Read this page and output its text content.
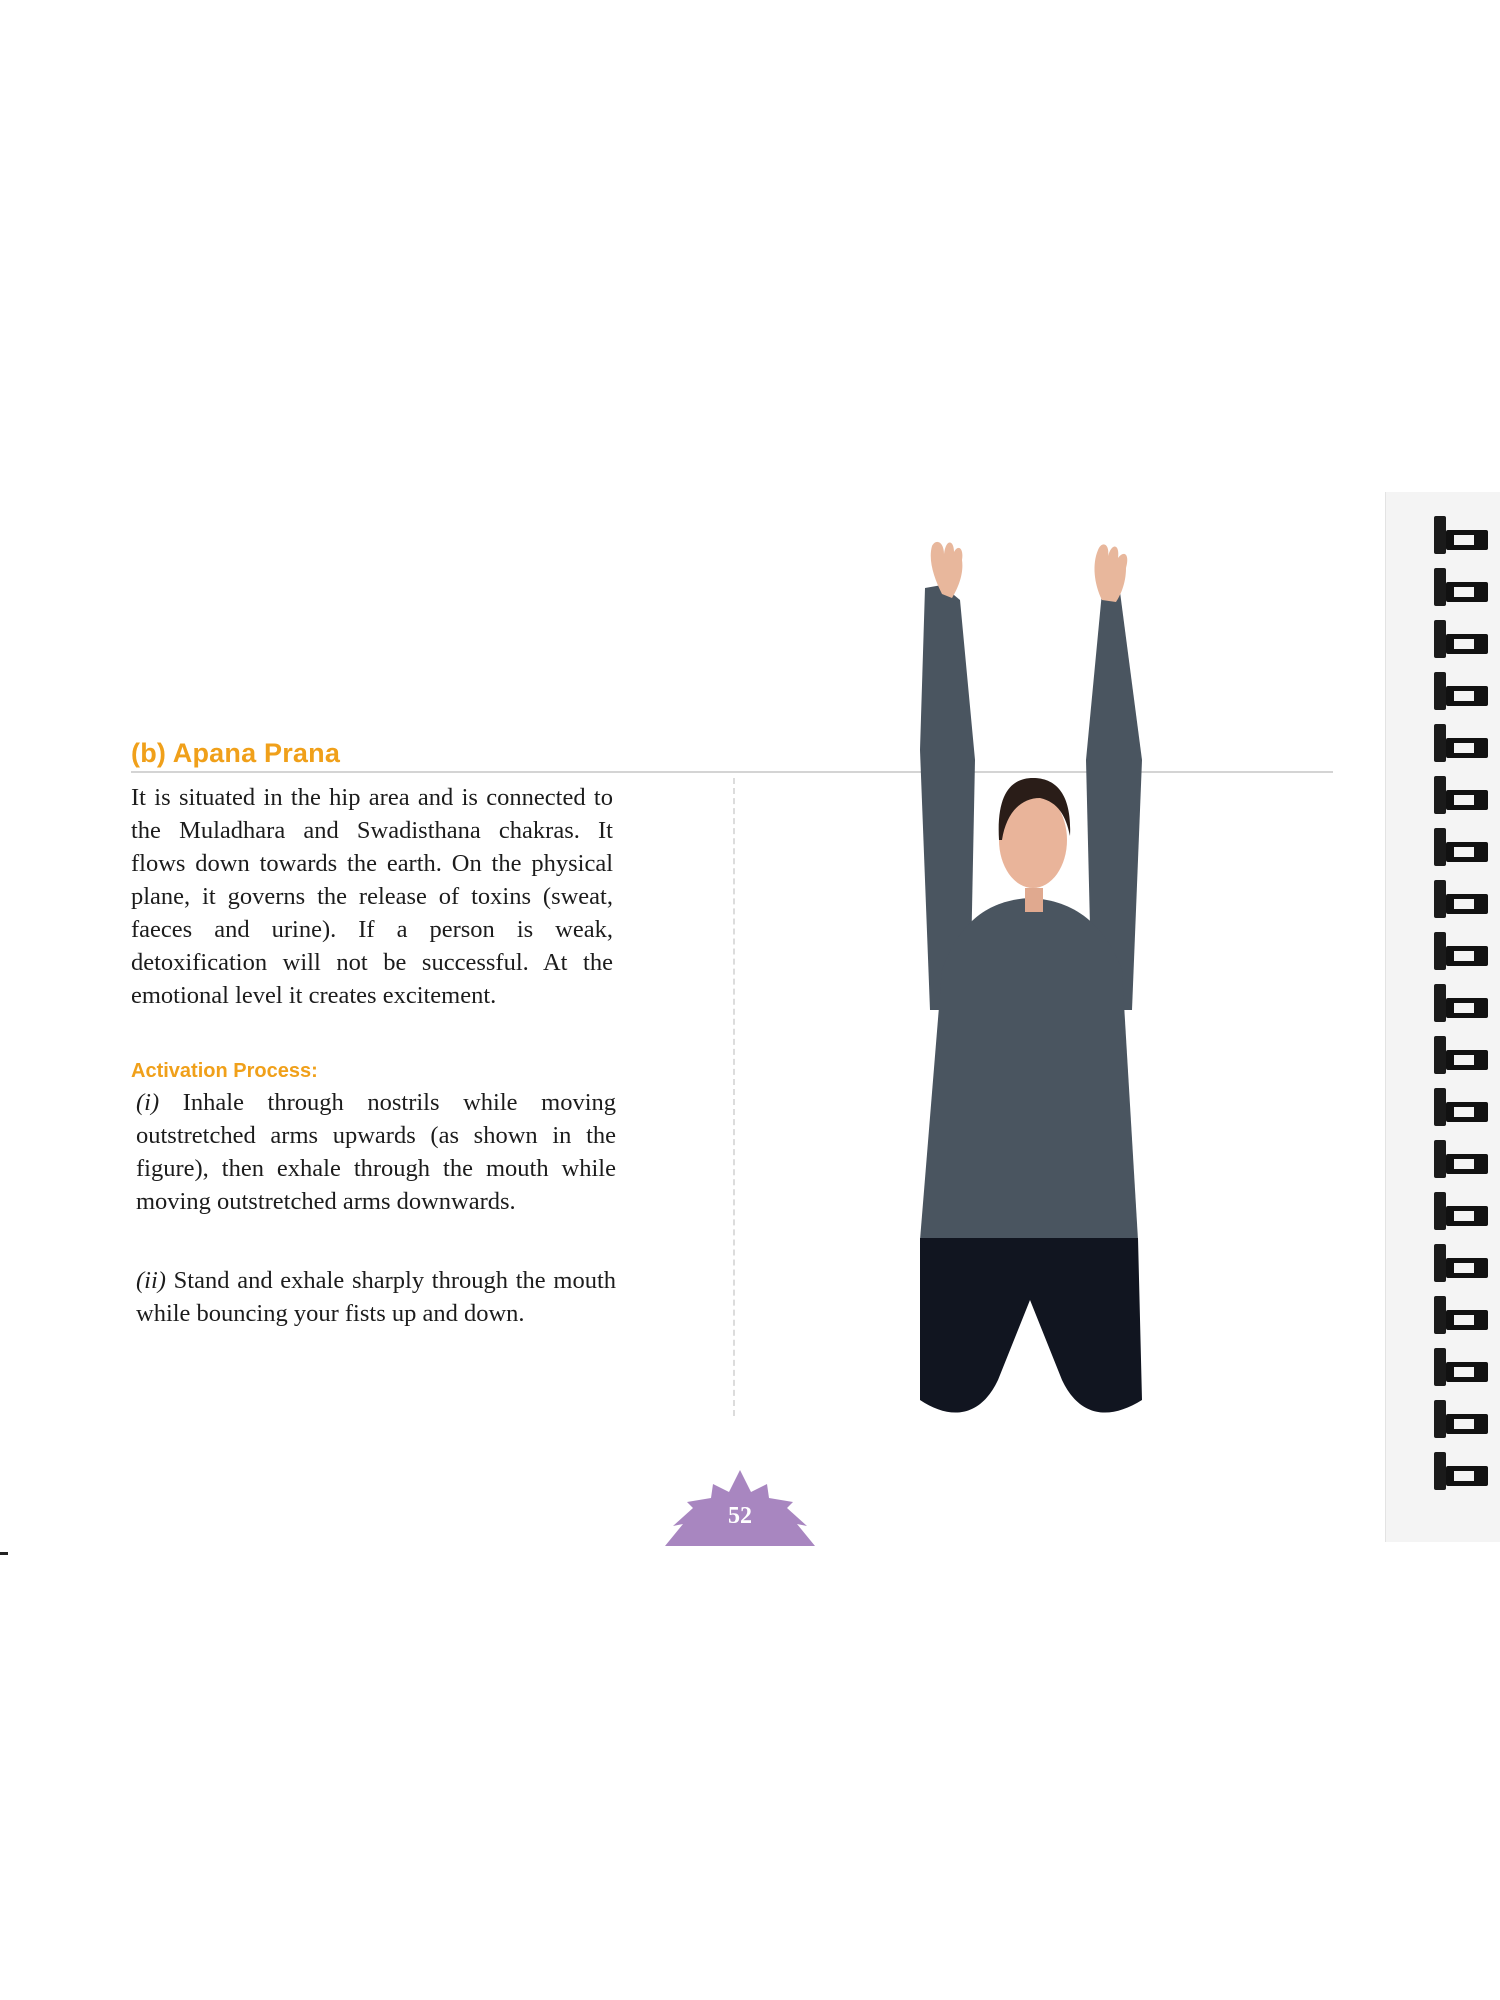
(b) Apana Prana

It is situated in the hip area and is connected to the Muladhara and Swadisthana chakras. It flows down towards the earth. On the physical plane, it governs the release of toxins (sweat, faeces and urine). If a person is weak, detoxification will not be successful. At the emotional level it creates excitement.

Activation Process:

(i) Inhale through nostrils while moving outstretched arms upwards (as shown in the figure), then exhale through the mouth while moving outstretched arms downwards.

(ii) Stand and exhale sharply through the mouth while bouncing your fists up and down.

52
